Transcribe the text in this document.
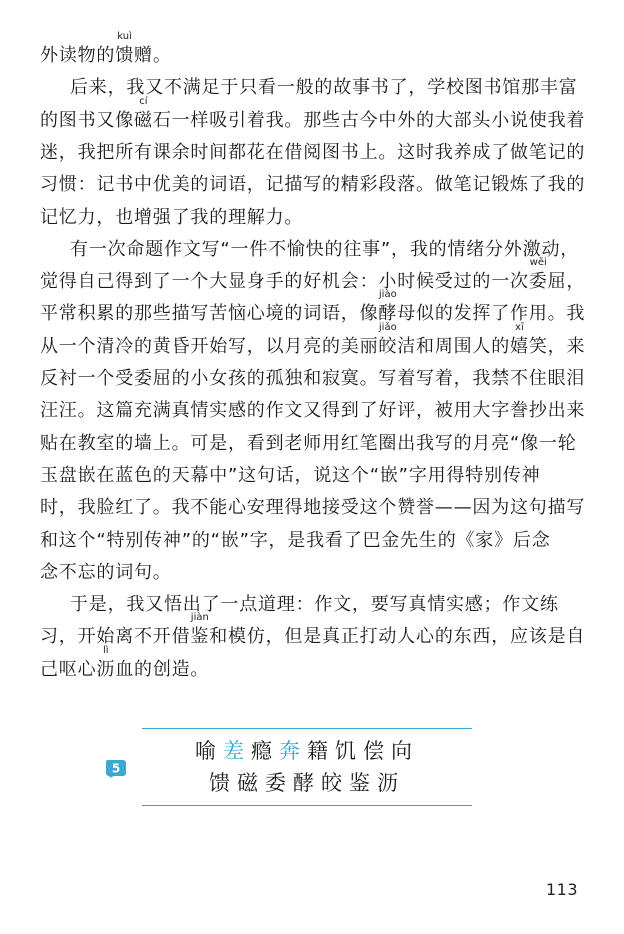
外读物的馈
kuì
赠。
后来，我又不满足于只看一般的故事书了，学校图书馆那丰富
的图书又像磁
cí
石一样吸引着我。那些古今中外的大部头小说使我着
迷，我把所有课余时间都花在借阅图书上。这时我养成了做笔记的
习惯：记书中优美的词语，记描写的精彩段落。做笔记锻炼了我的
记忆力，也增强了我的理解力。
有一次命题作文写“一件不愉快的往事”，我的情绪分外激动，
觉得自己得到了一个大显身手的好机会：小时候受过的一次委
wěi
屈，
平常积累的那些描写苦恼心境的词语，像酵
jiào
母似的发挥了作用。我
从一个清冷的黄昏开始写，以月亮的美丽皎
jiǎo
洁和周围人的嬉
xī
笑，来
反衬一个受委屈的小女孩的孤独和寂寞。写着写着，我禁不住眼泪
汪汪。这篇充满真情实感的作文又得到了好评，被用大字誊抄出来
贴在教室的墙上。可是，看到老师用红笔圈出我写的月亮“像一轮
玉盘嵌在蓝色的天幕中”这句话，说这个“嵌”字用得特别传神
时，我脸红了。我不能心安理得地接受这个赞誉——因为这句描写
和这个“特别传神”的“嵌”字，是我看了巴金先生的《家》后念
念不忘的词句。
于是，我又悟出了一点道理：作文，要写真情实感；作文练
习，开始离不开借鉴
jiàn
和模仿，但是真正打动人心的东西，应该是自
己呕心沥
lì
血的创造。
5
喻差瘾奔籍饥偿向
馈磁委酵皎鉴沥
113
